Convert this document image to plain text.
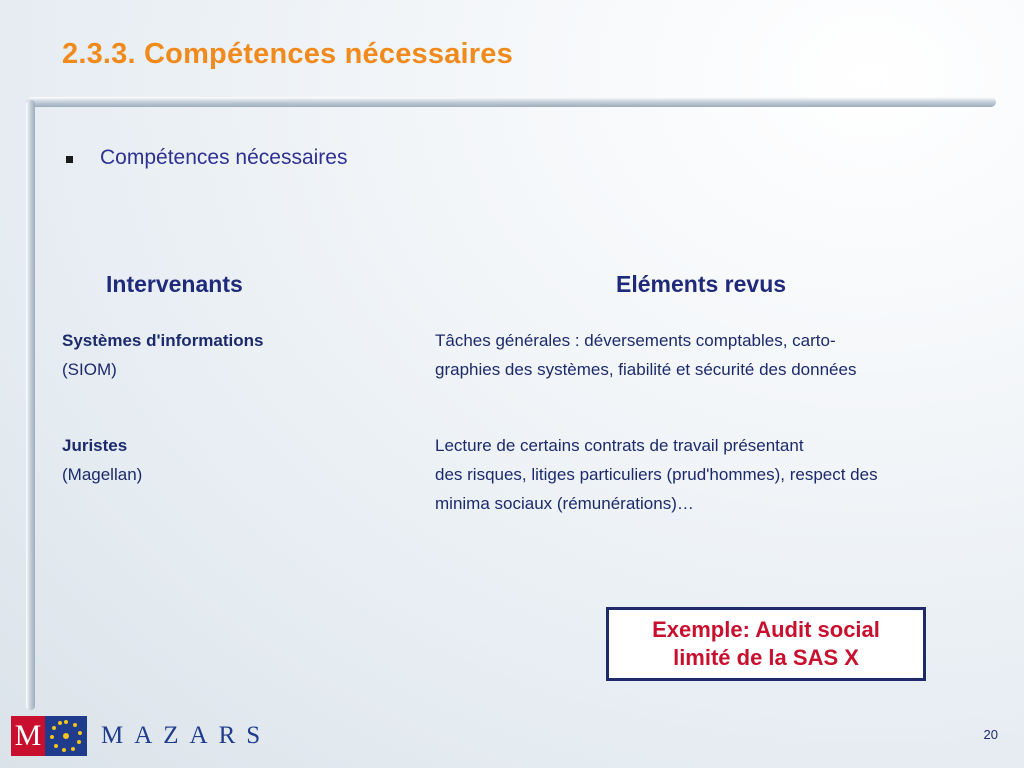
2.3.3. Compétences nécessaires
Compétences nécessaires
Intervenants	Eléments revus
Systèmes d'informations
(SIOM)
Tâches générales : déversements comptables, carto-
graphies des systèmes, fiabilité et sécurité des données
Juristes
(Magellan)
Lecture de certains contrats de travail présentant
des risques, litiges particuliers (prud'hommes), respect des
minima sociaux (rémunérations)…
Exemple: Audit social
limité de la SAS X
M MAZARS	20
